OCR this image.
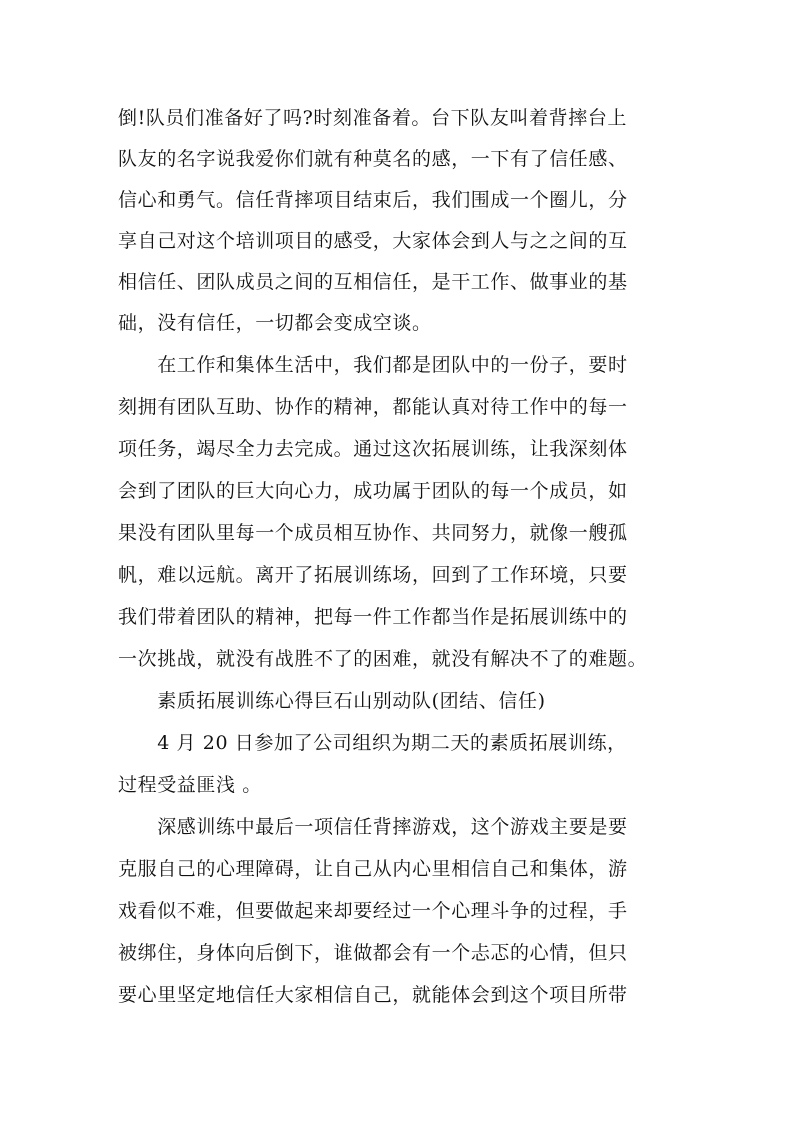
倒!队员们准备好了吗?时刻准备着。台下队友叫着背摔台上
队友的名字说我爱你们就有种莫名的感，一下有了信任感、
信心和勇气。信任背摔项目结束后，我们围成一个圈儿，分
享自己对这个培训项目的感受，大家体会到人与之之间的互
相信任、团队成员之间的互相信任，是干工作、做事业的基
础，没有信任，一切都会变成空谈。
　　在工作和集体生活中，我们都是团队中的一份子，要时
刻拥有团队互助、协作的精神，都能认真对待工作中的每一
项任务，竭尽全力去完成。通过这次拓展训练，让我深刻体
会到了团队的巨大向心力，成功属于团队的每一个成员，如
果没有团队里每一个成员相互协作、共同努力，就像一艘孤
帆，难以远航。离开了拓展训练场，回到了工作环境，只要
我们带着团队的精神，把每一件工作都当作是拓展训练中的
一次挑战，就没有战胜不了的困难，就没有解决不了的难题。
　　素质拓展训练心得巨石山别动队(团结、信任)
　　4 月 20 日参加了公司组织为期二天的素质拓展训练，
过程受益匪浅 。
　　深感训练中最后一项信任背摔游戏，这个游戏主要是要
克服自己的心理障碍，让自己从内心里相信自己和集体，游
戏看似不难，但要做起来却要经过一个心理斗争的过程，手
被绑住，身体向后倒下，谁做都会有一个忐忑的心情，但只
要心里坚定地信任大家相信自己，就能体会到这个项目所带
